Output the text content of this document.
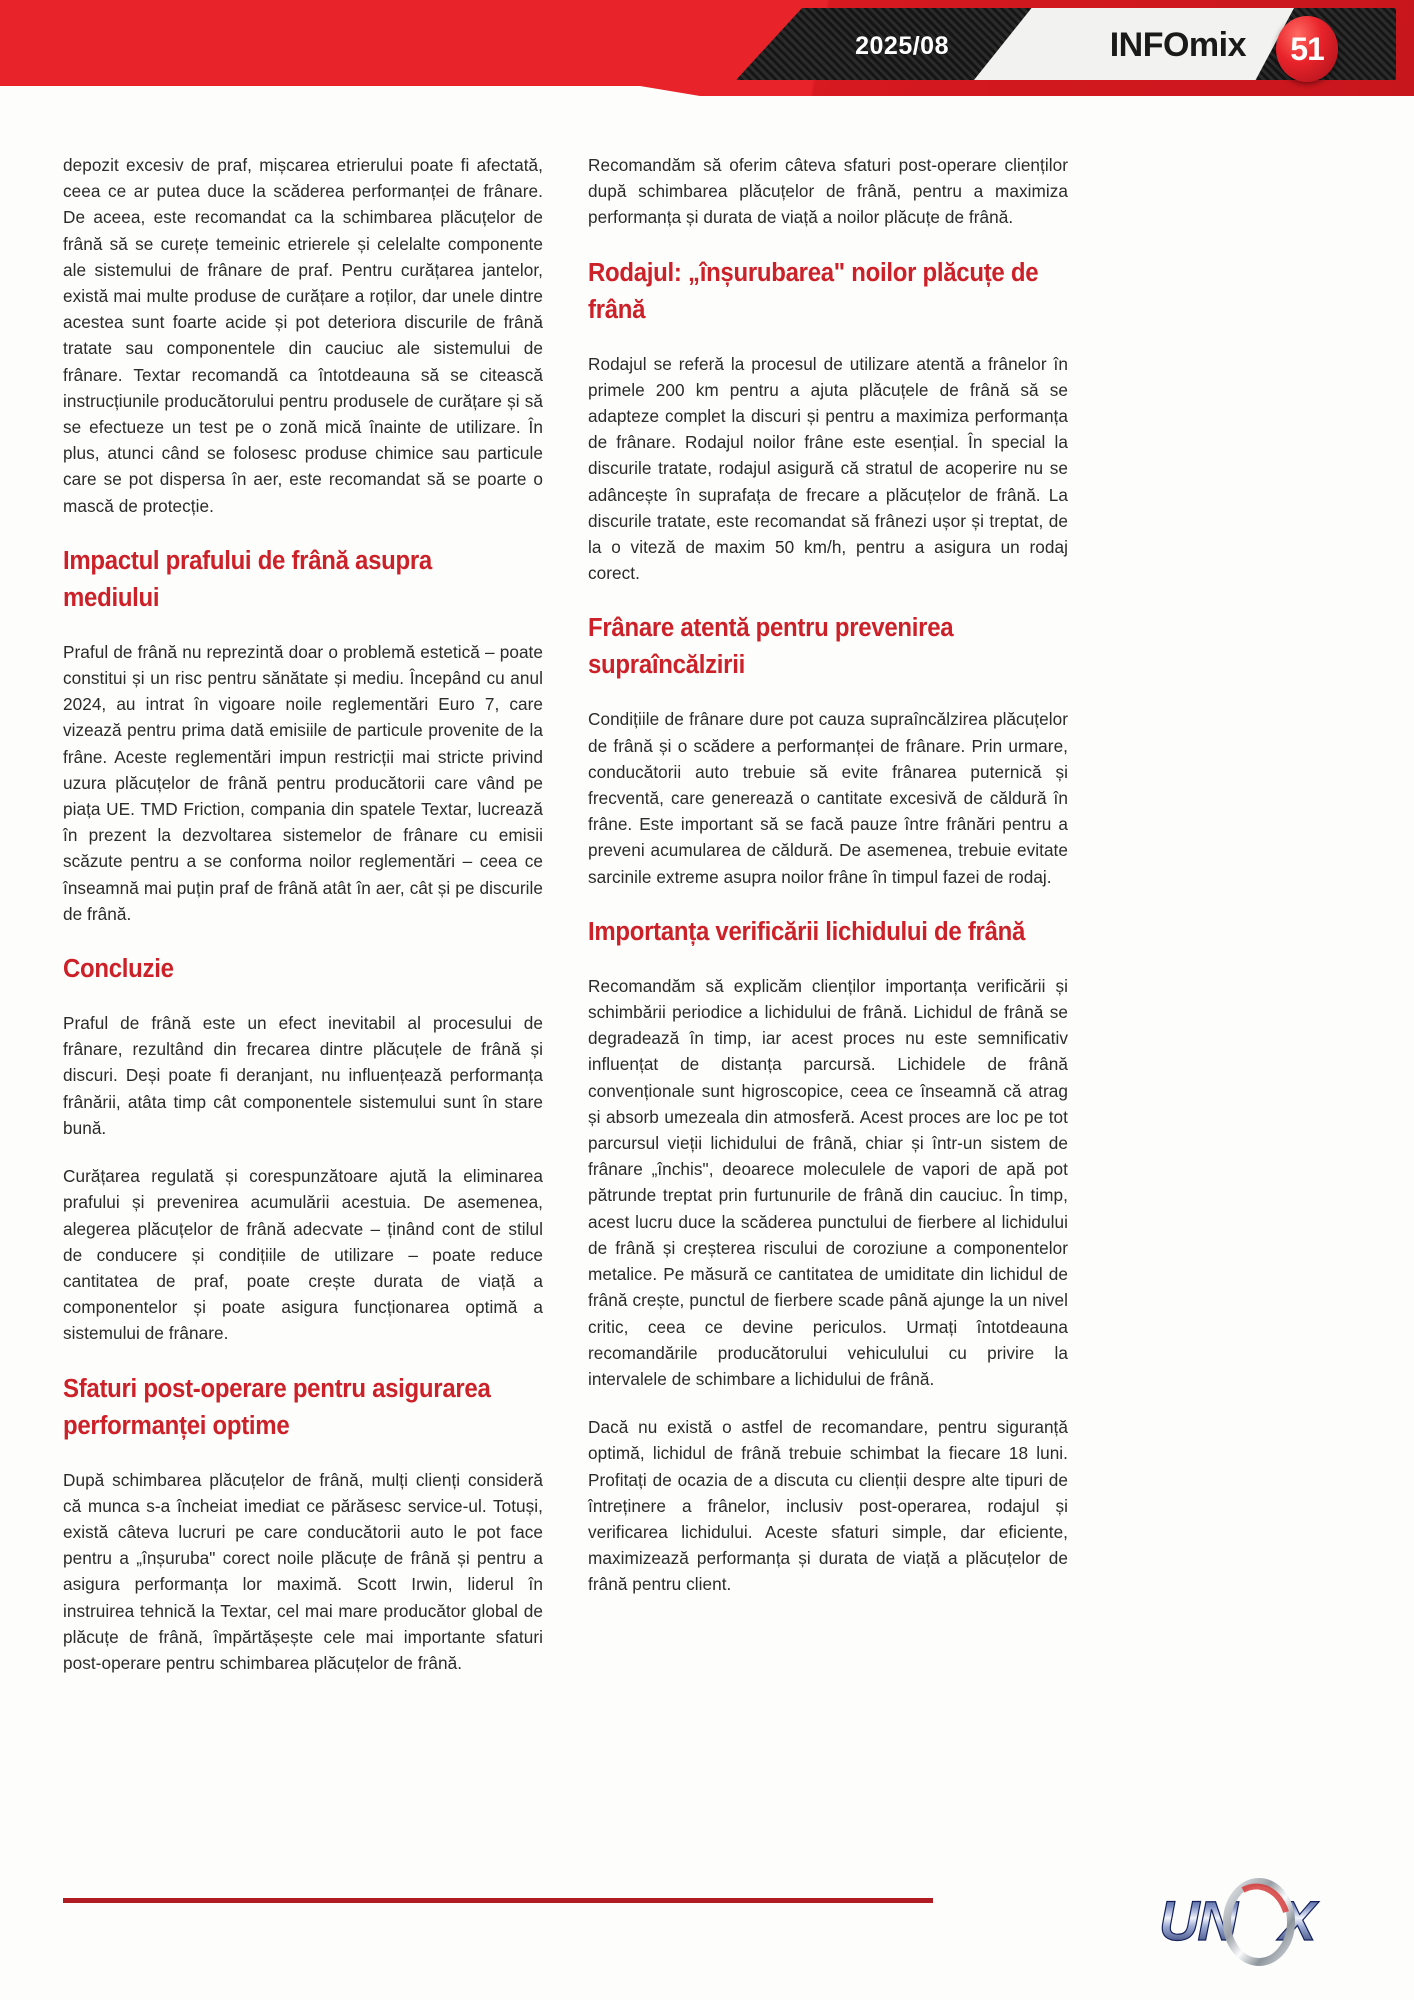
2025/08	INFOmix 51

depozit excesiv de praf, mișcarea etrierului poate fi afectată, ceea ce ar putea duce la scăderea performanței de frânare. De aceea, este recomandat ca la schimbarea plăcuțelor de frână să se curețe temeinic etrierele și celelalte componente ale sistemului de frânare de praf. Pentru curățarea jantelor, există mai multe produse de curățare a roților, dar unele dintre acestea sunt foarte acide și pot deteriora discurile de frână tratate sau componentele din cauciuc ale sistemului de frânare. Textar recomandă ca întotdeauna să se citească instrucțiunile producătorului pentru produsele de curățare și să se efectueze un test pe o zonă mică înainte de utilizare. În plus, atunci când se folosesc produse chimice sau particule care se pot dispersa în aer, este recomandat să se poarte o mască de protecție.

Impactul prafului de frână asupra mediului

Praful de frână nu reprezintă doar o problemă estetică – poate constitui și un risc pentru sănătate și mediu. Începând cu anul 2024, au intrat în vigoare noile reglementări Euro 7, care vizează pentru prima dată emisiile de particule provenite de la frâne. Aceste reglementări impun restricții mai stricte privind uzura plăcuțelor de frână pentru producătorii care vând pe piața UE. TMD Friction, compania din spatele Textar, lucrează în prezent la dezvoltarea sistemelor de frânare cu emisii scăzute pentru a se conforma noilor reglementări – ceea ce înseamnă mai puțin praf de frână atât în aer, cât și pe discurile de frână.

Concluzie

Praful de frână este un efect inevitabil al procesului de frânare, rezultând din frecarea dintre plăcuțele de frână și discuri. Deși poate fi deranjant, nu influențează performanța frânării, atâta timp cât componentele sistemului sunt în stare bună.

Curățarea regulată și corespunzătoare ajută la eliminarea prafului și prevenirea acumulării acestuia. De asemenea, alegerea plăcuțelor de frână adecvate – ținând cont de stilul de conducere și condițiile de utilizare – poate reduce cantitatea de praf, poate crește durata de viață a componentelor și poate asigura funcționarea optimă a sistemului de frânare.

Sfaturi post-operare pentru asigurarea performanței optime

După schimbarea plăcuțelor de frână, mulți clienți consideră că munca s-a încheiat imediat ce părăsesc service-ul. Totuși, există câteva lucruri pe care conducătorii auto le pot face pentru a „înșuruba" corect noile plăcuțe de frână și pentru a asigura performanța lor maximă. Scott Irwin, liderul în instruirea tehnică la Textar, cel mai mare producător global de plăcuțe de frână, împărtășește cele mai importante sfaturi post-operare pentru schimbarea plăcuțelor de frână.

Recomandăm să oferim câteva sfaturi post-operare clienților după schimbarea plăcuțelor de frână, pentru a maximiza performanța și durata de viață a noilor plăcuțe de frână.

Rodajul: „înșurubarea" noilor plăcuțe de frână

Rodajul se referă la procesul de utilizare atentă a frânelor în primele 200 km pentru a ajuta plăcuțele de frână să se adapteze complet la discuri și pentru a maximiza performanța de frânare. Rodajul noilor frâne este esențial. În special la discurile tratate, rodajul asigură că stratul de acoperire nu se adâncește în suprafața de frecare a plăcuțelor de frână. La discurile tratate, este recomandat să frânezi ușor și treptat, de la o viteză de maxim 50 km/h, pentru a asigura un rodaj corect.

Frânare atentă pentru prevenirea supraîncălzirii

Condițiile de frânare dure pot cauza supraîncălzirea plăcuțelor de frână și o scădere a performanței de frânare. Prin urmare, conducătorii auto trebuie să evite frânarea puternică și frecventă, care generează o cantitate excesivă de căldură în frâne. Este important să se facă pauze între frânări pentru a preveni acumularea de căldură. De asemenea, trebuie evitate sarcinile extreme asupra noilor frâne în timpul fazei de rodaj.

Importanța verificării lichidului de frână

Recomandăm să explicăm clienților importanța verificării și schimbării periodice a lichidului de frână. Lichidul de frână se degradează în timp, iar acest proces nu este semnificativ influențat de distanța parcursă. Lichidele de frână convenționale sunt higroscopice, ceea ce înseamnă că atrag și absorb umezeala din atmosferă. Acest proces are loc pe tot parcursul vieții lichidului de frână, chiar și într-un sistem de frânare „închis", deoarece moleculele de vapori de apă pot pătrunde treptat prin furtunurile de frână din cauciuc. În timp, acest lucru duce la scăderea punctului de fierbere al lichidului de frână și creșterea riscului de coroziune a componentelor metalice. Pe măsură ce cantitatea de umiditate din lichidul de frână crește, punctul de fierbere scade până ajunge la un nivel critic, ceea ce devine periculos. Urmați întotdeauna recomandările producătorului vehiculului cu privire la intervalele de schimbare a lichidului de frână.

Dacă nu există o astfel de recomandare, pentru siguranță optimă, lichidul de frână trebuie schimbat la fiecare 18 luni. Profitați de ocazia de a discuta cu clienții despre alte tipuri de întreținere a frânelor, inclusiv post-operarea, rodajul și verificarea lichidului. Aceste sfaturi simple, dar eficiente, maximizează performanța și durata de viață a plăcuțelor de frână pentru client.

UN X
